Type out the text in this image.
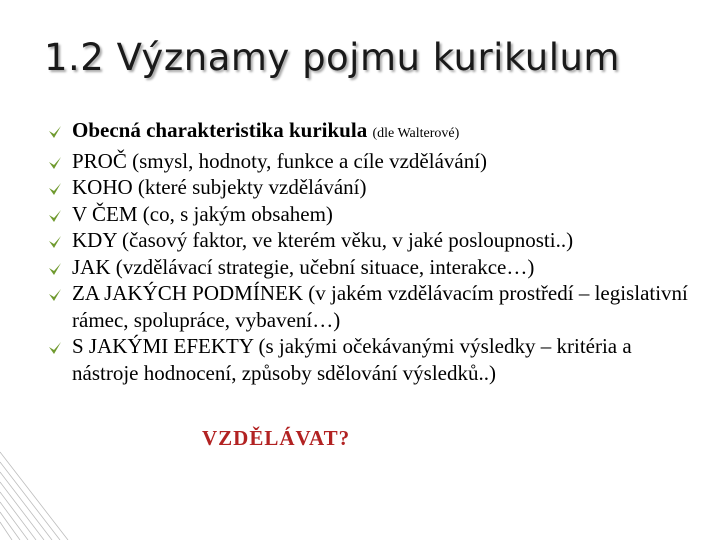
1.2 Významy pojmu kurikulum
Obecná charakteristika kurikula (dle Walterové)
PROČ (smysl, hodnoty, funkce a cíle vzdělávání)
KOHO (které subjekty vzdělávání)
V ČEM (co, s jakým obsahem)
KDY (časový faktor, ve kterém věku, v jaké posloupnosti..)
JAK (vzdělávací strategie, učební situace, interakce…)
ZA JAKÝCH PODMÍNEK (v jakém vzdělávacím prostředí – legislativní rámec, spolupráce, vybavení…)
S JAKÝMI EFEKTY (s jakými očekávanými výsledky – kritéria a nástroje hodnocení, způsoby sdělování výsledků..)
VZDĚLÁVAT?
